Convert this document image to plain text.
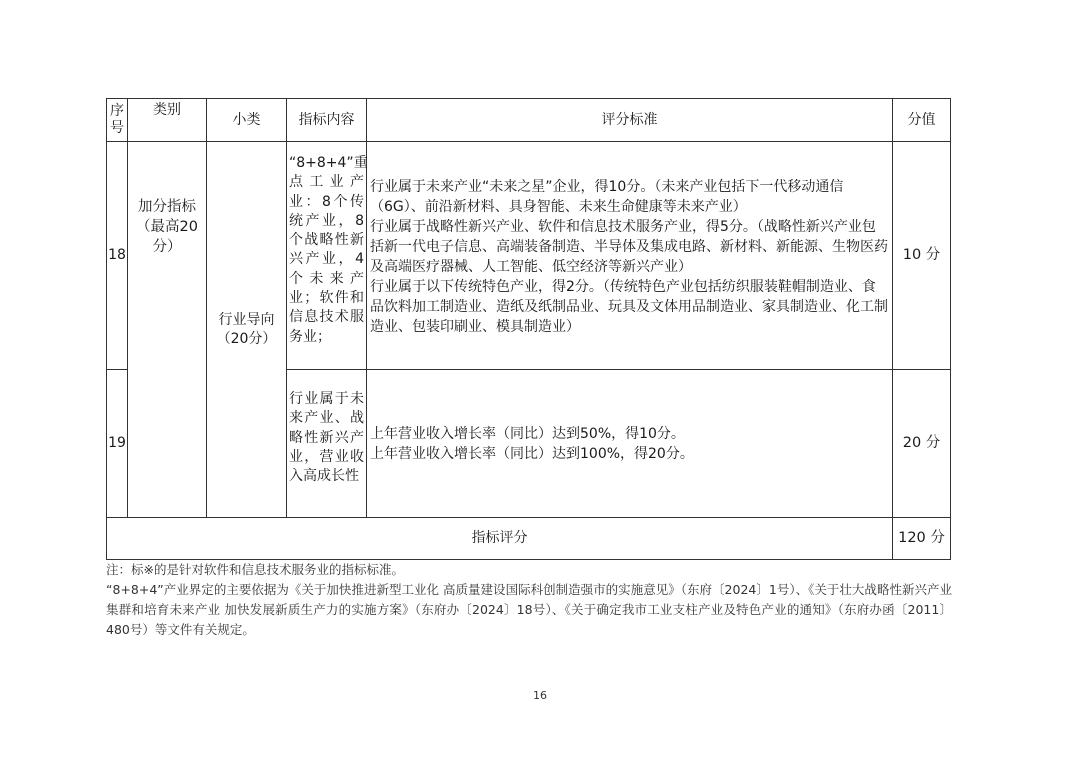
序号	类别	小类	指标内容	评分标准	分值
18	加分指标（最高20分）	行业导向（20分）	“8+8+4”重点工业产业：8个传统产业，8个战略性新兴产业，4个未来产业；软件和信息技术服务业；	行业属于未来产业“未来之星”企业，得10分。（未来产业包括下一代移动通信（6G）、前沿新材料、具身智能、未来生命健康等未来产业）
行业属于战略性新兴产业、软件和信息技术服务产业，得5分。（战略性新兴产业包括新一代电子信息、高端装备制造、半导体及集成电路、新材料、新能源、生物医药及高端医疗器械、人工智能、低空经济等新兴产业）
行业属于以下传统特色产业，得2分。（传统特色产业包括纺织服装鞋帽制造业、食品饮料加工制造业、造纸及纸制品业、玩具及文体用品制造业、家具制造业、化工制造业、包装印刷业、模具制造业）	10 分
19			行业属于未来产业、战略性新兴产业，营业收入高成长性	上年营业收入增长率（同比）达到50%，得10分。
上年营业收入增长率（同比）达到100%，得20分。	20 分
指标评分					120 分

注：标※的是针对软件和信息技术服务业的指标标准。

“8+8+4”产业界定的主要依据为《关于加快推进新型工业化 高质量建设国际科创制造强市的实施意见》（东府〔2024〕1号）、《关于壮大战略性新兴产业集群和培育未来产业 加快发展新质生产力的实施方案》（东府办〔2024〕18号）、《关于确定我市工业支柱产业及特色产业的通知》（东府办函〔2011〕480号）等文件有关规定。

16
